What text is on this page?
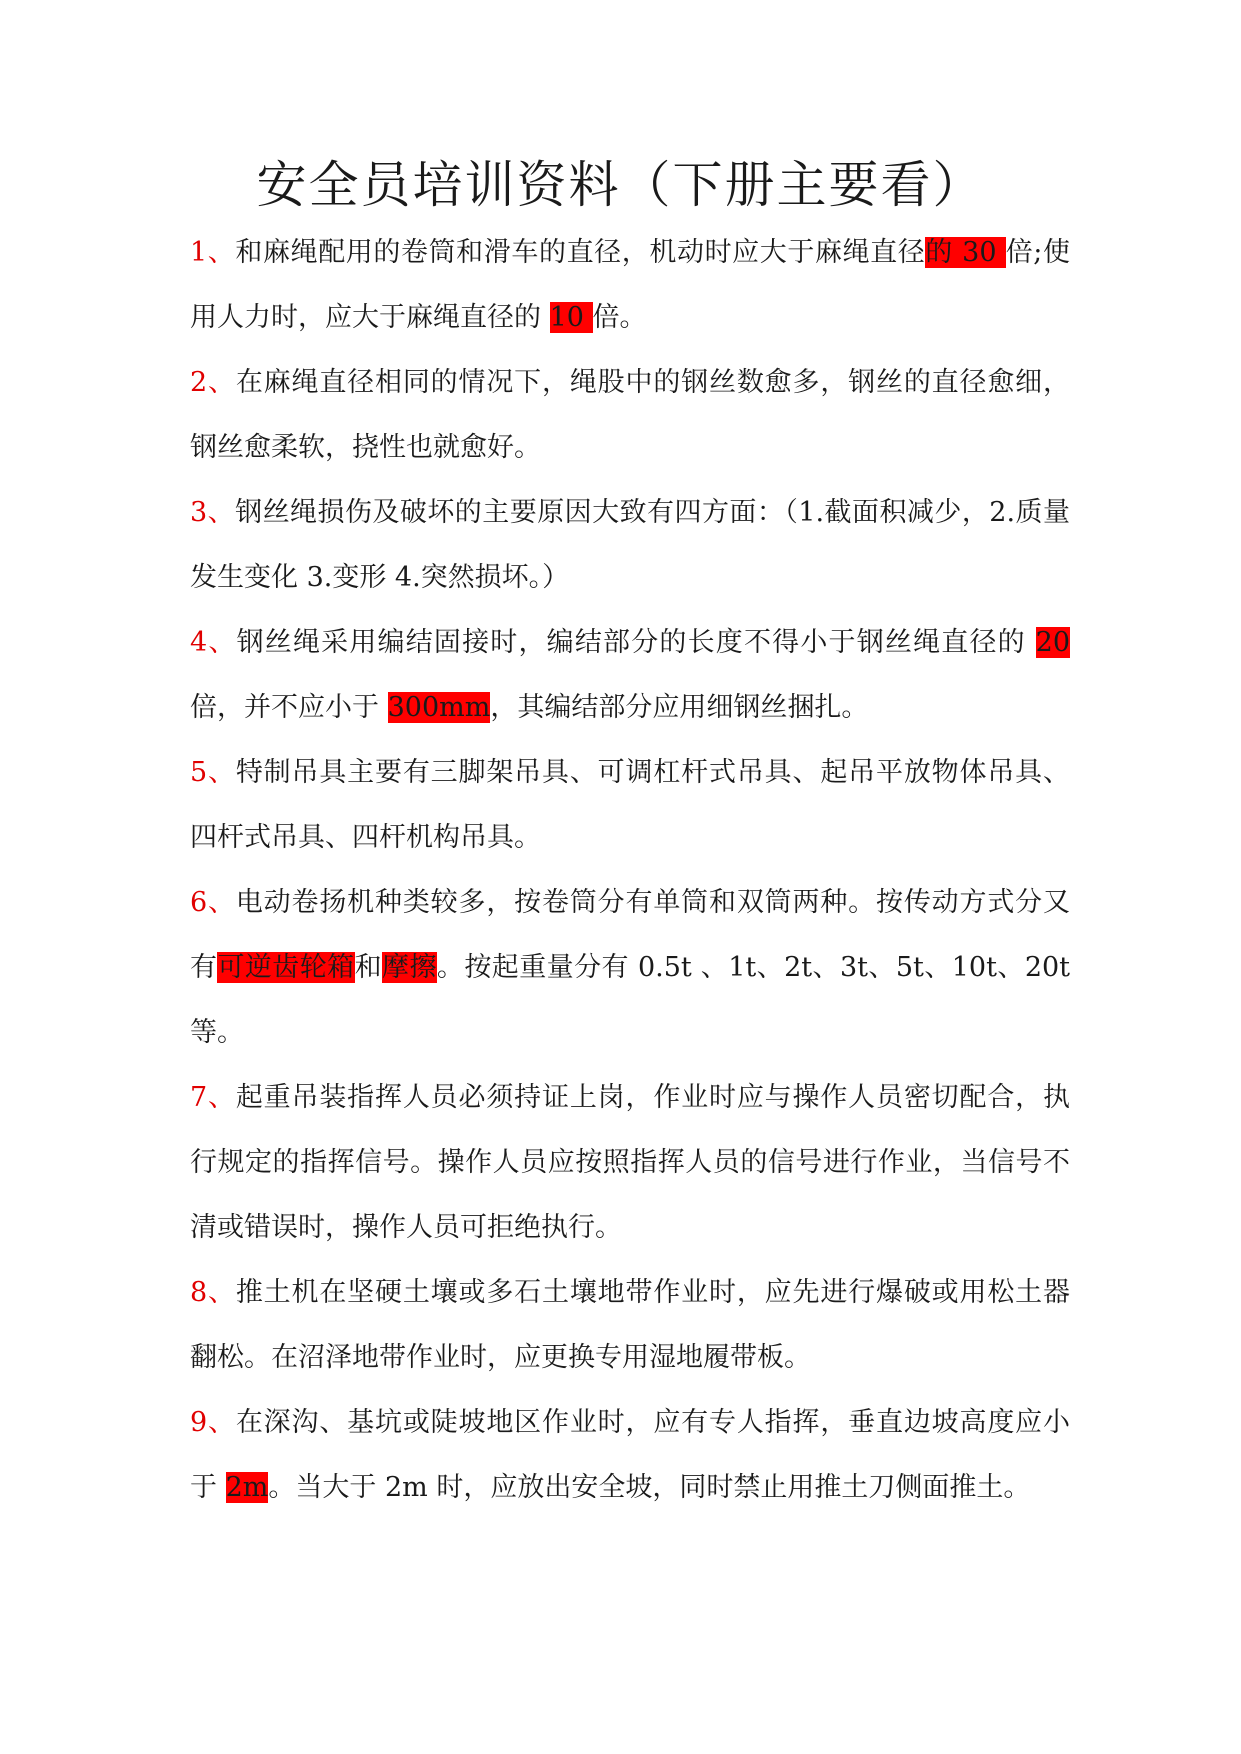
安全员培训资料（下册主要看）

1、和麻绳配用的卷筒和滑车的直径，机动时应大于麻绳直径的 30 倍;使用人力时，应大于麻绳直径的 10 倍。

2、在麻绳直径相同的情况下，绳股中的钢丝数愈多，钢丝的直径愈细，钢丝愈柔软，挠性也就愈好。

3、钢丝绳损伤及破坏的主要原因大致有四方面：（1.截面积减少，2.质量发生变化 3.变形 4.突然损坏。）

4、钢丝绳采用编结固接时，编结部分的长度不得小于钢丝绳直径的 20 倍，并不应小于 300mm，其编结部分应用细钢丝捆扎。

5、特制吊具主要有三脚架吊具、可调杠杆式吊具、起吊平放物体吊具、四杆式吊具、四杆机构吊具。

6、电动卷扬机种类较多，按卷筒分有单筒和双筒两种。按传动方式分又有可逆齿轮箱和摩擦。按起重量分有 0.5t 、1t、2t、3t、5t、10t、20t 等。

7、起重吊装指挥人员必须持证上岗，作业时应与操作人员密切配合，执行规定的指挥信号。操作人员应按照指挥人员的信号进行作业，当信号不清或错误时，操作人员可拒绝执行。

8、推土机在坚硬土壤或多石土壤地带作业时，应先进行爆破或用松土器翻松。在沼泽地带作业时，应更换专用湿地履带板。

9、在深沟、基坑或陡坡地区作业时，应有专人指挥，垂直边坡高度应小于 2m。当大于 2m 时，应放出安全坡，同时禁止用推土刀侧面推土。
